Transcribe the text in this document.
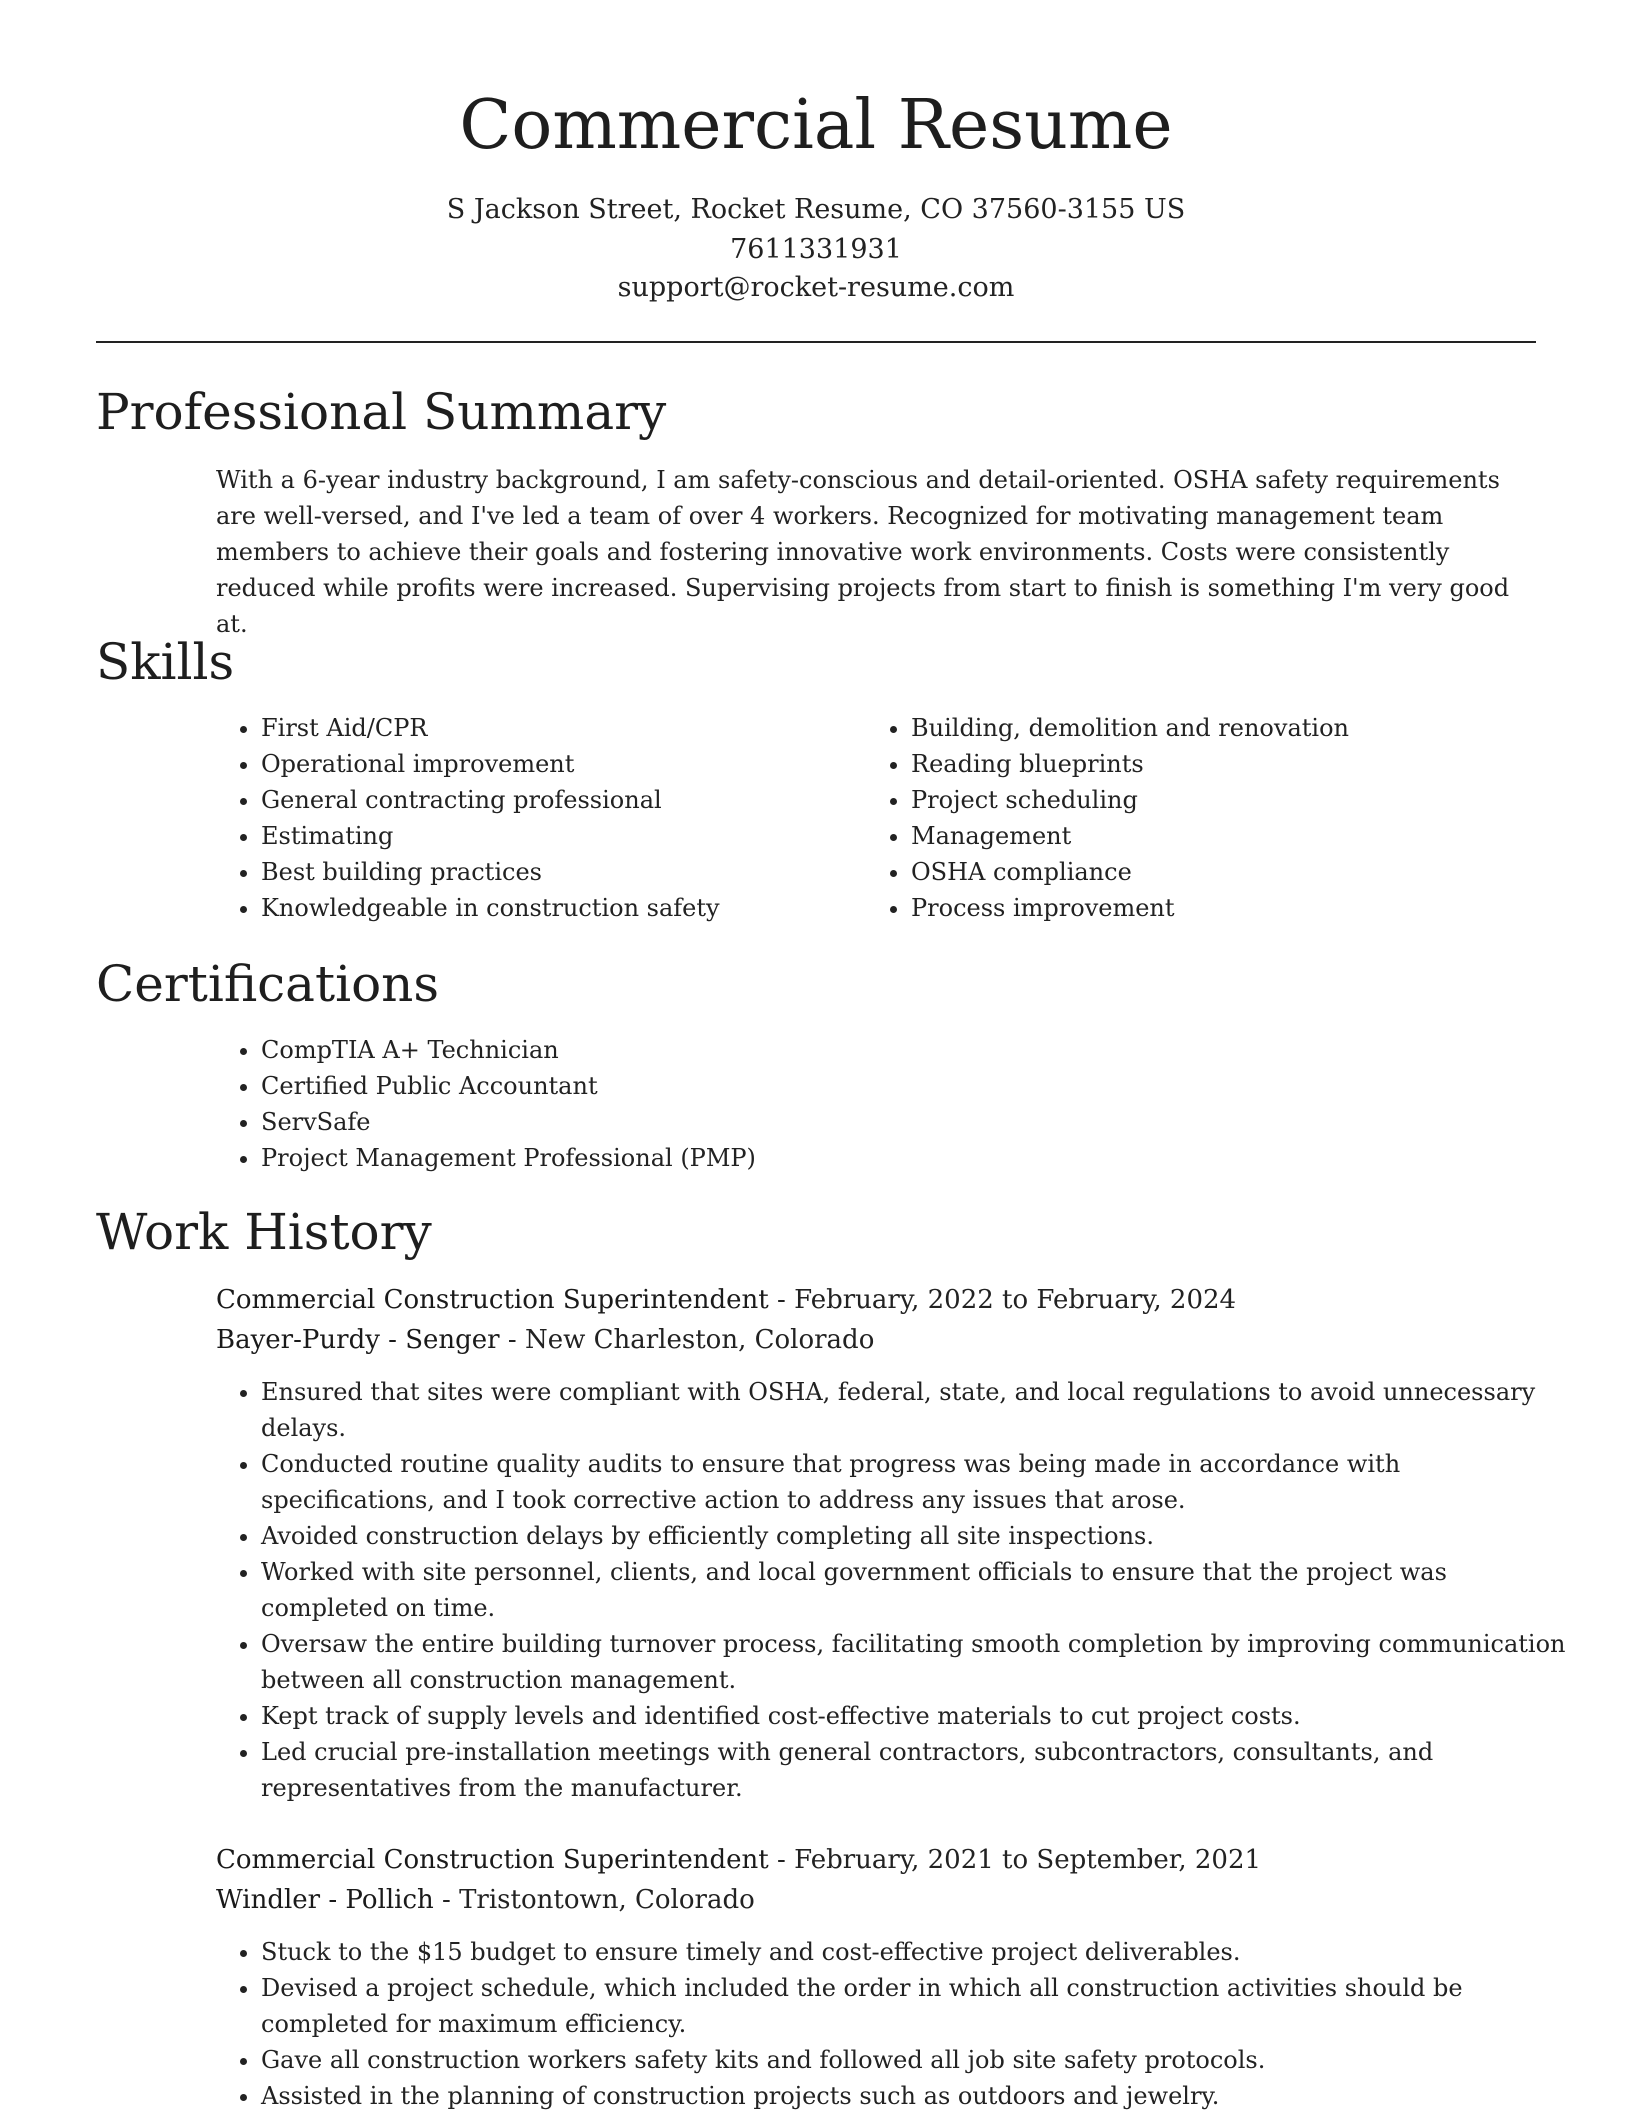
Commercial Resume
S Jackson Street, Rocket Resume, CO 37560-3155 US
7611331931
support@rocket-resume.com
Professional Summary

With a 6-year industry background, I am safety-conscious and detail-oriented. OSHA safety requirements are well-versed, and I've led a team of over 4 workers. Recognized for motivating management team members to achieve their goals and fostering innovative work environments. Costs were consistently reduced while profits were increased. Supervising projects from start to finish is something I'm very good at.

Skills
• First Aid/CPR
• Operational improvement
• General contracting professional
• Estimating
• Best building practices
• Knowledgeable in construction safety
• Building, demolition and renovation
• Reading blueprints
• Project scheduling
• Management
• OSHA compliance
• Process improvement
Certifications
• CompTIA A+ Technician
• Certified Public Accountant
• ServSafe
• Project Management Professional (PMP)
Work History
Commercial Construction Superintendent - February, 2022 to February, 2024
Bayer-Purdy - Senger - New Charleston, Colorado
• Ensured that sites were compliant with OSHA, federal, state, and local regulations to avoid unnecessary delays.
• Conducted routine quality audits to ensure that progress was being made in accordance with specifications, and I took corrective action to address any issues that arose.
• Avoided construction delays by efficiently completing all site inspections.
• Worked with site personnel, clients, and local government officials to ensure that the project was completed on time.
• Oversaw the entire building turnover process, facilitating smooth completion by improving communication between all construction management.
• Kept track of supply levels and identified cost-effective materials to cut project costs.
• Led crucial pre-installation meetings with general contractors, subcontractors, consultants, and representatives from the manufacturer.
Commercial Construction Superintendent - February, 2021 to September, 2021
Windler - Pollich - Tristontown, Colorado
• Stuck to the $15 budget to ensure timely and cost-effective project deliverables.
• Devised a project schedule, which included the order in which all construction activities should be completed for maximum efficiency.
• Gave all construction workers safety kits and followed all job site safety protocols.
• Assisted in the planning of construction projects such as outdoors and jewelry.
